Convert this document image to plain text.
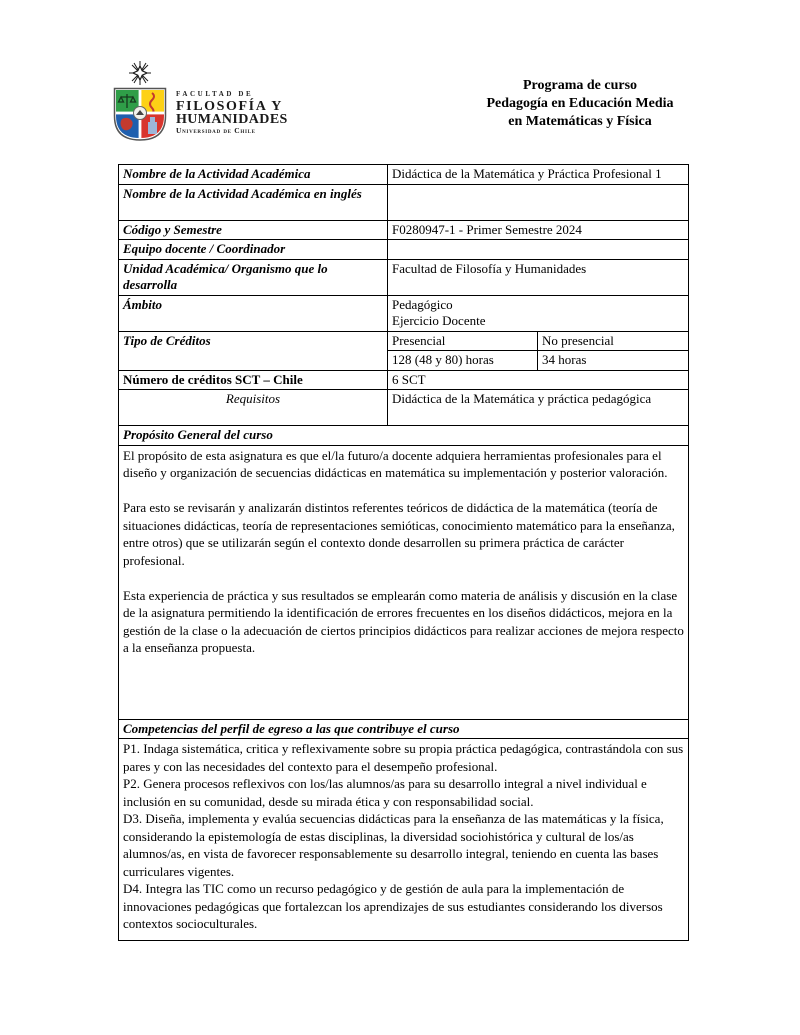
FACULTAD DE
FILOSOFÍA Y
HUMANIDADES
Universidad de Chile
Programa de curso
Pedagogía en Educación Media
en Matemáticas y Física
Nombre de la Actividad Académica	Didáctica de la Matemática y Práctica Profesional 1	
Nombre de la Actividad Académica en inglés		
Código y Semestre	F0280947-1 - Primer Semestre 2024	
Equipo docente / Coordinador		
Unidad Académica/ Organismo que lo desarrolla	Facultad de Filosofía y Humanidades	
Ámbito	Pedagógico
Ejercicio Docente	

Tipo de Créditos	Presencial	No presencial
	128 (48 y 80) horas	34 horas
Número de créditos SCT – Chile	6 SCT	
Requisitos	Didáctica de la Matemática y práctica pedagógica	
Propósito General del curso		

El propósito de esta asignatura es que el/la futuro/a docente adquiera herramientas profesionales para el diseño y organización de secuencias didácticas en matemática su implementación y posterior valoración.

Para esto se revisarán y analizarán distintos referentes teóricos de didáctica de la matemática (teoría de situaciones didácticas, teoría de representaciones semióticas, conocimiento matemático para la enseñanza, entre otros) que se utilizarán según el contexto donde desarrollen su primera práctica de carácter profesional.

Esta experiencia de práctica y sus resultados se emplearán como materia de análisis y discusión en la clase de la asignatura permitiendo la identificación de errores frecuentes en los diseños didácticos, mejora en la gestión de la clase o la adecuación de ciertos principios didácticos para realizar acciones de mejora respecto a la enseñanza propuesta.		

Competencias del perfil de egreso a las que contribuye el curso		

P1. Indaga sistemática, critica y reflexivamente sobre su propia práctica pedagógica, contrastándola con sus pares y con las necesidades del contexto para el desempeño profesional.

P2. Genera procesos reflexivos con los/las alumnos/as para su desarrollo integral a nivel individual e inclusión en su comunidad, desde su mirada ética y con responsabilidad social.

D3. Diseña, implementa y evalúa secuencias didácticas para la enseñanza de las matemáticas y la física, considerando la epistemología de estas disciplinas, la diversidad sociohistórica y cultural de los/as alumnos/as, en vista de favorecer responsablemente su desarrollo integral, teniendo en cuenta las bases curriculares vigentes.

D4. Integra las TIC como un recurso pedagógico y de gestión de aula para la implementación de innovaciones pedagógicas que fortalezcan los aprendizajes de sus estudiantes considerando los diversos contextos socioculturales.		
